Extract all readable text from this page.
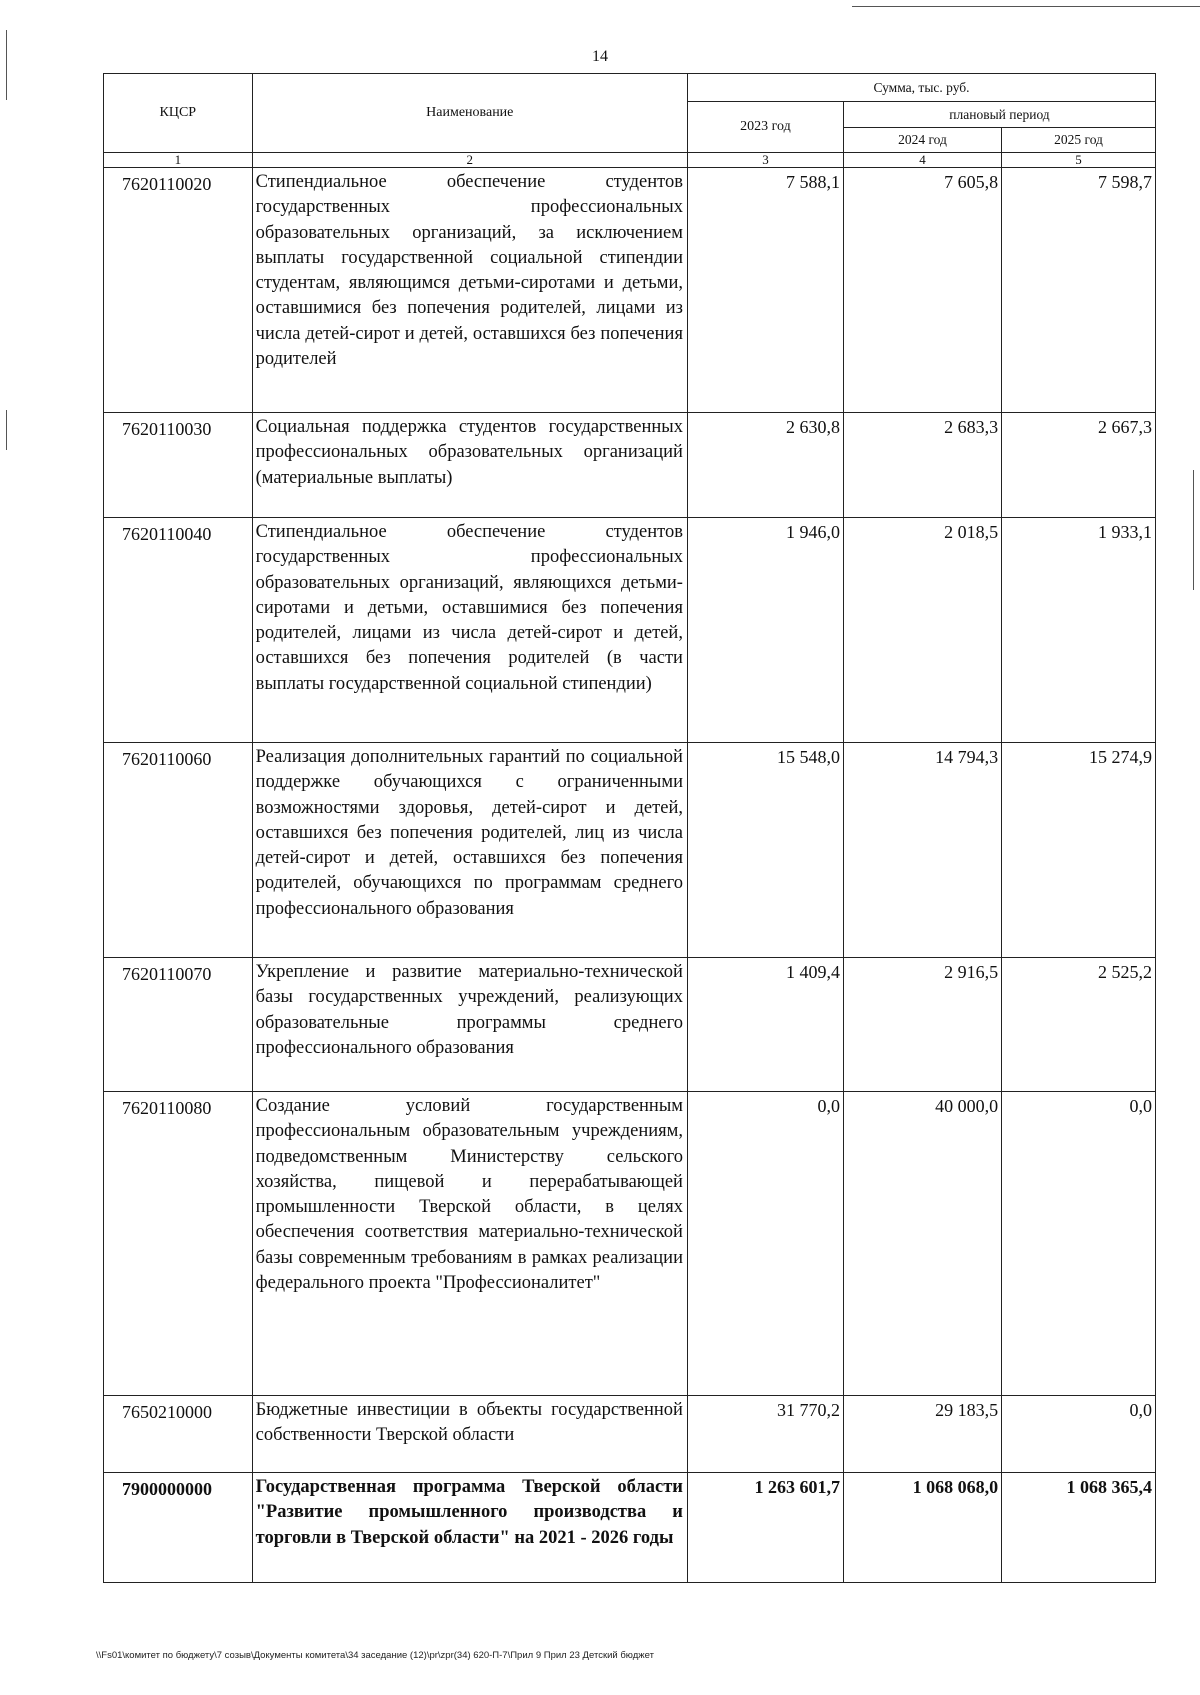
14
КЦСР	Наименование	Сумма, тыс. руб.		
		2023 год	плановый период	
			2024 год	2025 год
1	2	3	4	5
7620110020	Стипендиальное обеспечение студентов государственных профессиональных образовательных организаций, за исключением выплаты государственной социальной стипендии студентам, являющимся детьми-сиротами и детьми, оставшимися без попечения родителей, лицами из числа детей-сирот и детей, оставшихся без попечения родителей	7 588,1	7 605,8	7 598,7
7620110030	Социальная поддержка студентов государственных профессиональных образовательных организаций (материальные выплаты)	2 630,8	2 683,3	2 667,3
7620110040	Стипендиальное обеспечение студентов государственных профессиональных образовательных организаций, являющихся детьми-сиротами и детьми, оставшимися без попечения родителей, лицами из числа детей-сирот и детей, оставшихся без попечения родителей (в части выплаты государственной социальной стипендии)	1 946,0	2 018,5	1 933,1
7620110060	Реализация дополнительных гарантий по социальной поддержке обучающихся с ограниченными возможностями здоровья, детей-сирот и детей, оставшихся без попечения родителей, лиц из числа детей-сирот и детей, оставшихся без попечения родителей, обучающихся по программам среднего профессионального образования	15 548,0	14 794,3	15 274,9
7620110070	Укрепление и развитие материально-технической базы государственных учреждений, реализующих образовательные программы среднего профессионального образования	1 409,4	2 916,5	2 525,2
7620110080	Создание условий государственным профессиональным образовательным учреждениям, подведомственным Министерству сельского хозяйства, пищевой и перерабатывающей промышленности Тверской области, в целях обеспечения соответствия материально-технической базы современным требованиям в рамках реализации федерального проекта "Профессионалитет"	0,0	40 000,0	0,0
7650210000	Бюджетные инвестиции в объекты государственной собственности Тверской области	31 770,2	29 183,5	0,0
7900000000	Государственная программа Тверской области "Развитие промышленного производства и торговли в Тверской области" на 2021 - 2026 годы	1 263 601,7	1 068 068,0	1 068 365,4
\\Fs01\комитет по бюджету\7 созыв\Документы комитета\34 заседание (12)\pr\zpr(34) 620-П-7\Прил 9 Прил 23 Детский бюджет
